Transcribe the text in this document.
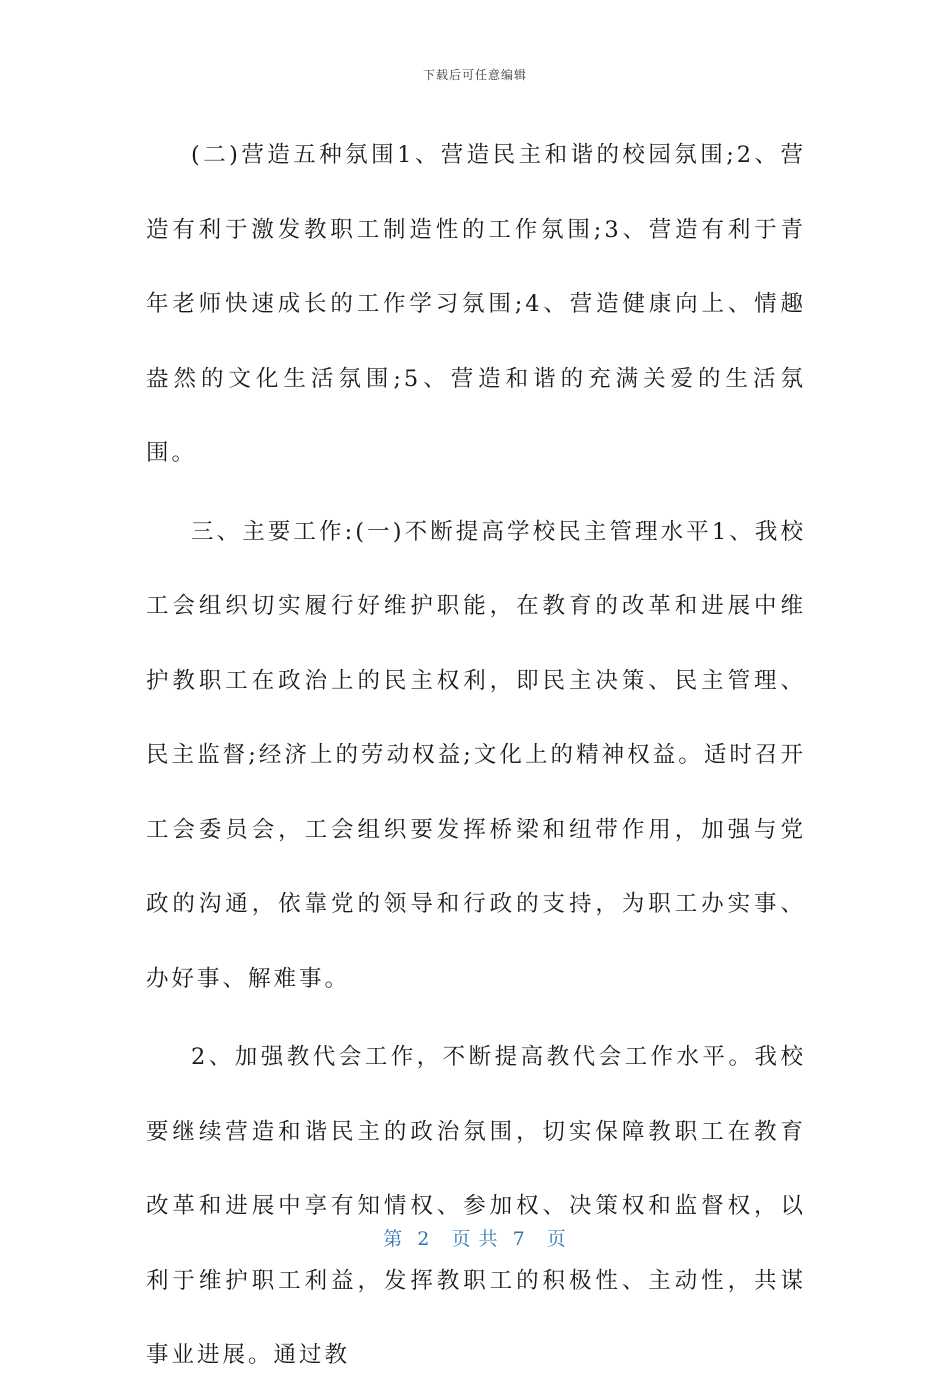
下载后可任意编辑

(二)营造五种氛围1、营造民主和谐的校园氛围;2、营造有利于激发教职工制造性的工作氛围;3、营造有利于青年老师快速成长的工作学习氛围;4、营造健康向上、情趣盎然的文化生活氛围;5、营造和谐的充满关爱的生活氛围。

三、主要工作:(一)不断提高学校民主管理水平1、我校工会组织切实履行好维护职能，在教育的改革和进展中维护教职工在政治上的民主权利，即民主决策、民主管理、民主监督;经济上的劳动权益;文化上的精神权益。适时召开工会委员会，工会组织要发挥桥梁和纽带作用，加强与党政的沟通，依靠党的领导和行政的支持，为职工办实事、办好事、解难事。

2、加强教代会工作，不断提高教代会工作水平。我校要继续营造和谐民主的政治氛围，切实保障教职工在教育改革和进展中享有知情权、参加权、决策权和监督权，以利于维护职工利益，发挥教职工的积极性、主动性，共谋事业进展。通过教

第  2   页 共  7   页
